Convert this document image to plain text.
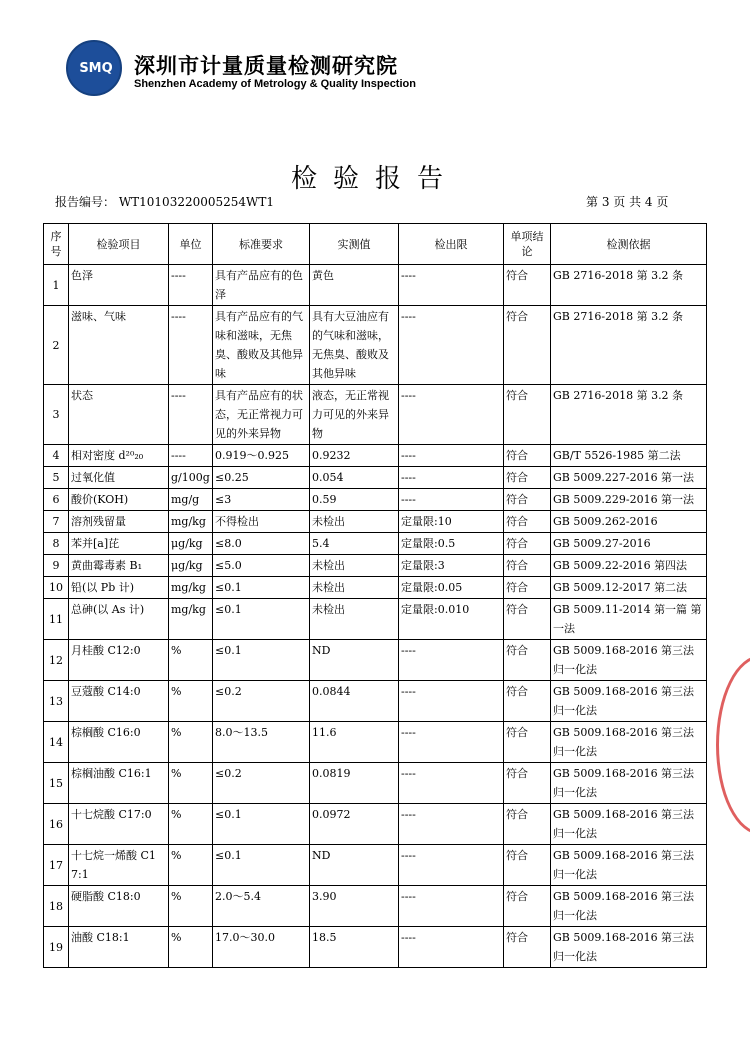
SMQ 深圳市计量质量检测研究院
Shenzhen Academy of Metrology & Quality Inspection
检验报告
报告编号： WT10103220005254WT1	第 3 页 共 4 页
序号	检验项目	单位	标准要求	实测值	检出限	单项结论	检测依据
1	色泽	----	具有产品应有的色泽	黄色	----	符合	GB 2716-2018 第 3.2 条
2	滋味、气味	----	具有产品应有的气味和滋味，无焦臭、酸败及其他异味	具有大豆油应有的气味和滋味，无焦臭、酸败及其他异味	----	符合	GB 2716-2018 第 3.2 条
3	状态	----	具有产品应有的状态，无正常视力可见的外来异物	液态，无正常视力可见的外来异物	----	符合	GB 2716-2018 第 3.2 条
4	相对密度 d²⁰₂₀	----	0.919～0.925	0.9232	----	符合	GB/T 5526-1985 第二法
5	过氧化值	g/100g	≤0.25	0.054	----	符合	GB 5009.227-2016 第一法
6	酸价(KOH)	mg/g	≤3	0.59	----	符合	GB 5009.229-2016 第一法
7	溶剂残留量	mg/kg	不得检出	未检出	定量限:10	符合	GB 5009.262-2016
8	苯并[a]芘	μg/kg	≤8.0	5.4	定量限:0.5	符合	GB 5009.27-2016
9	黄曲霉毒素 B₁	μg/kg	≤5.0	未检出	定量限:3	符合	GB 5009.22-2016 第四法
10	铅(以 Pb 计)	mg/kg	≤0.1	未检出	定量限:0.05	符合	GB 5009.12-2017 第二法
11	总砷(以 As 计)	mg/kg	≤0.1	未检出	定量限:0.010	符合	GB 5009.11-2014 第一篇 第一法
12	月桂酸 C12:0	%	≤0.1	ND	----	符合	GB 5009.168-2016 第三法 归一化法
13	豆蔻酸 C14:0	%	≤0.2	0.0844	----	符合	GB 5009.168-2016 第三法 归一化法
14	棕榈酸 C16:0	%	8.0～13.5	11.6	----	符合	GB 5009.168-2016 第三法 归一化法
15	棕榈油酸 C16:1	%	≤0.2	0.0819	----	符合	GB 5009.168-2016 第三法 归一化法
16	十七烷酸 C17:0	%	≤0.1	0.0972	----	符合	GB 5009.168-2016 第三法 归一化法
17	十七烷一烯酸 C17:1	%	≤0.1	ND	----	符合	GB 5009.168-2016 第三法 归一化法
18	硬脂酸 C18:0	%	2.0～5.4	3.90	----	符合	GB 5009.168-2016 第三法 归一化法
19	油酸 C18:1	%	17.0～30.0	18.5	----	符合	GB 5009.168-2016 第三法 归一化法
